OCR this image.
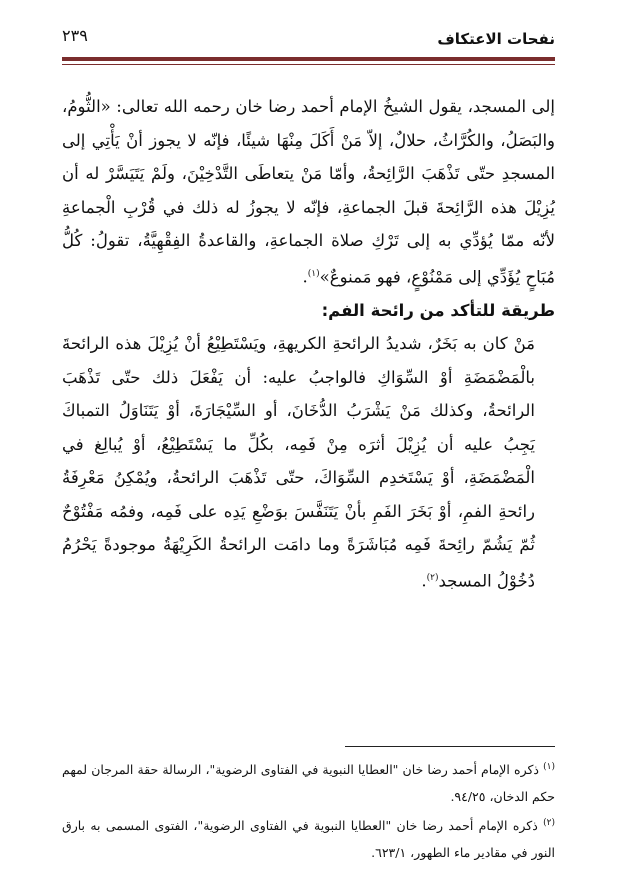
نفحات الاعتكاف
٢٣٩

إلى المسجد، يقول الشيخُ الإمام أحمد رضا خان رحمه الله تعالى: «الثُّومُ، والبَصَلُ، والكُرَّاثُ، حلالٌ، إلاّ مَنْ أَكَلَ مِنْهَا شيئًا، فإنّه لا يجوز أنْ يَأْتِي إلى المسجدِ حتّى تَذْهَبَ الرَّائِحةُ، وأمّا مَنْ يتعاطَى التَّدْخِيْنَ، ولَمْ يَتَيَسَّرْ له أن يُزِيْلَ هذه الرَّائِحةَ قبلَ الجماعةِ، فإنّه لا يجوزُ له ذلك في قُرْبِ الْجماعةِ لأنّه ممّا يُؤدِّي به إلى تَرْكِ صلاة الجماعةِ، والقاعدةُ الفِقْهِيَّةُ، تقولُ: كُلُّ مُبَاحٍ يُؤَدِّي إلى مَمْنُوْعٍ، فهو مَمنوعٌ»$^{(١)}$.

طريقة للتأكد من رائحة الفم:

مَنْ كان به بَخَرٌ، شديدُ الرائحةِ الكريهةِ، ويَسْتَطِيْعُ أنْ يُزِيْلَ هذه الرائحةَ بالْمَضْمَضَةِ أوْ السِّوَاكِ فالواجبُ عليه: أن يَفْعَلَ ذلك حتّى تَذْهَبَ الرائحةُ، وكذلك مَنْ يَشْرَبُ الدُّخَانَ، أو السِّيْجَارَةَ، أوْ يَتَنَاوَلُ التمباكَ يَجِبُ عليه أن يُزِيْلَ أثرَه مِنْ فَمِه، بكُلِّ ما يَسْتَطِيْعُ، أوْ يُبالِغ في الْمَضْمَضَةِ، أوْ يَسْتَخدِم السِّوَاكَ، حتّى تَذْهَبَ الرائحةُ، ويُمْكِنُ مَعْرِفَةُ رائحةِ الفمِ، أوْ بَخَرَ الفَمِ بأنْ يَتَنَفَّسَ بوَضْعِ يَدِه على فَمِه، وفمُه مَفْتُوْحٌ ثُمّ يَشُمّ رائِحةَ فَمِه مُبَاشَرَةً وما دامَت الرائحةُ الكَرِيْهَةُ موجودةً يَحْرُمُ دُخُوْلُ المسجد$^{(٢)}$.

$^{(١)}$ ذكره الإمام أحمد رضا خان "العطايا النبوية في الفتاوى الرضوية"، الرسالة حقة المرجان لمهم حكم الدخان، ٩٤/٢٥.

$^{(٢)}$ ذكره الإمام أحمد رضا خان "العطايا النبوية في الفتاوى الرضوية"، الفتوى المسمى به بارق النور في مقادير ماء الطهور، ٦٢٣/١.
